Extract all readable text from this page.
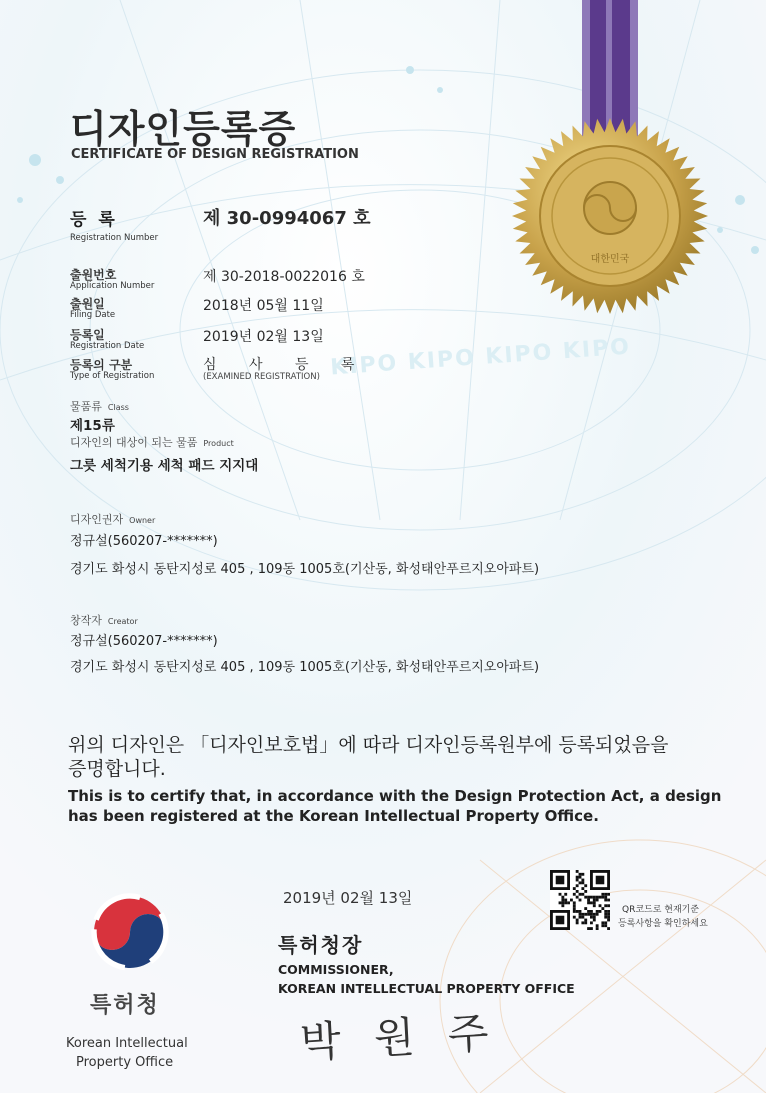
KIPO KIPO KIPO KIPO
대한민국
디자인등록증
CERTIFICATE OF DESIGN REGISTRATION
등 록
Registration Number
제 30-0994067 호
출원번호
Application Number
제 30-2018-0022016 호
출원일
Filing Date
2018년 05월 11일
등록일
Registration Date
2019년 02월 13일
등록의 구분
Type of Registration
심 사 등 록
(EXAMINED REGISTRATION)
물품류 Class
제15류
디자인의 대상이 되는 물품 Product
그릇 세척기용 세척 패드 지지대
디자인권자 Owner
정규설(560207-*******)
경기도 화성시 동탄지성로 405 , 109동 1005호(기산동, 화성태안푸르지오아파트)
창작자 Creator
정규설(560207-*******)
경기도 화성시 동탄지성로 405 , 109동 1005호(기산동, 화성태안푸르지오아파트)
위의 디자인은 「디자인보호법」에 따라 디자인등록원부에 등록되었음을
증명합니다.
This is to certify that, in accordance with the Design Protection Act, a design
has been registered at the Korean Intellectual Property Office.
2019년 02월 13일
QR코드로 현재기준
등록사항을 확인하세요
특허청장
COMMISSIONER,
KOREAN INTELLECTUAL PROPERTY OFFICE
박 원 주
특허청
Korean Intellectual
Property Office
